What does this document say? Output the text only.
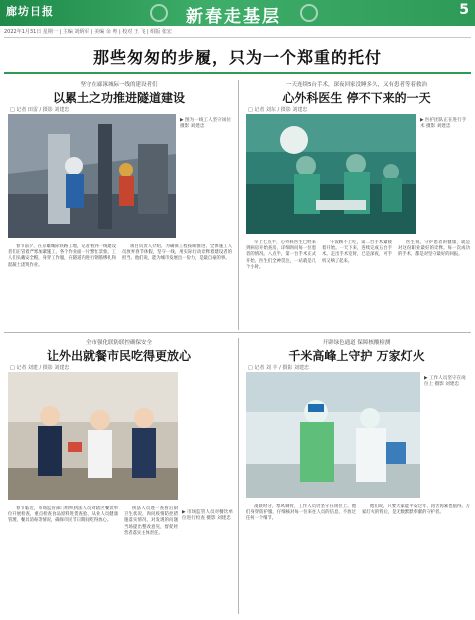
廊坊日报	新春走基层	5
2022年1月31日 星期一 | 主编 刘炳军 | 美编 余 粤 | 校对 王 飞 | 组版 张宏
那些匆匆的步履，只为一个郑重的托付
坚守在廊涿城际一线的建设者们
以累土之功推进隧道建设
□ 记者 田雷 / 摄影 刘建忠
▶ 图为一线工人坚守岗位 摄影 刘建忠

春节前夕，在京雄城际铁路工地，记者看到一线建设者们正冒着严寒加紧施工，各个作业面一片繁忙景象。工人们头戴安全帽，身穿工作服，在隧道内进行钢筋绑扎和混凝土浇筑作业。

项目负责人介绍，为确保工程按期推进，全体施工人员放弃春节休假，坚守一线，用实际行动诠释着建设者的担当。他们说，能为城市发展出一份力，是最自豪的事。

一天连续5台手术，深夜回家没睡多久，又有患者等着救治
心外科医生 停不下来的一天
□ 记者 刘东 / 摄影 刘建忠
▶ 医护团队正在进行手术 摄影 刘建忠

早上七点半，心外科医生已经来到病房开始查房，详细询问每一位患者的情况。八点半，第一台手术正式开始，医生们全神贯注，一站就是几个小时。

午饭顾不上吃，第二台手术紧接着开始。一天下来，连续完成五台手术。走出手术室时，已是深夜，可手机又响了起来。

医生说，守护患者的健康，就是对这份职业最好的诠释。每一次成功的手术，都是对坚守最好的回报。

全市强化联防联控确保安全
让外出就餐市民吃得更放心
□ 记者 刘建 / 摄影 刘建忠
▶ 市场监管人员对餐饮单位进行检查 摄影 刘建忠

春节临近，市场监管部门组织执法人员对辖区餐饮单位开展检查，重点检查食品原料进货查验、从业人员健康管理、餐具消毒等情况，确保市民节日期间吃得放心。

执法人员逐一查看后厨卫生状况，询问疫情防控措施落实情况，对发现的问题当场提出整改意见，督促经营者落实主体责任。

开辟绿色通道 保障核酸检测
千米高峰上守护 万家灯火
□ 记者 刘 丰 / 摄影 刘建忠
▶ 工作人员坚守在岗位上 摄影 刘建忠

凌晨时分，寒风刺骨，工作人员仍坚守在岗位上。他们身穿防护服，仔细核对每一位来往人员的信息，不放过任何一个细节。

他们说，只要大家能平安过年，再苦再累也值得。万家灯火的背后，是无数默默奉献的守护者。
